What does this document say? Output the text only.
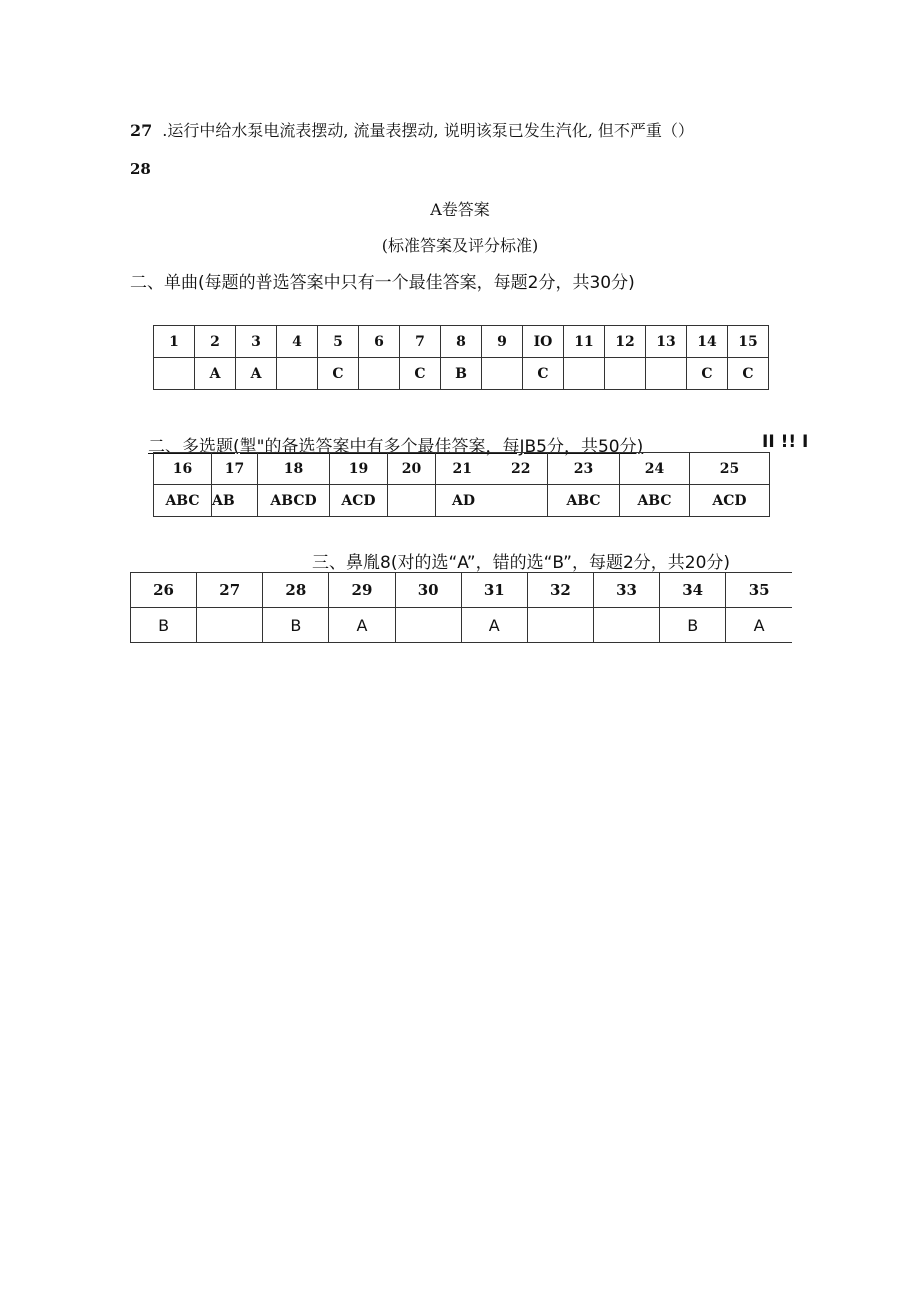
27 .运行中给水泵电流表摆动, 流量表摆动, 说明该泵已发生汽化, 但不严重（）
28
A卷答案
(标准答案及评分标准)
二、单曲(每题的普选答案中只有一个最佳答案，每题2分，共30分)
1	2	3	4	5	6	7	8	9	IO	11	12	13	14	15
	A	A		C		C	B		C				C	C
二、多选题(掣"的备选答案中有多个最佳答案，每JB5分，共50分)	II !! I
16	17	18	19	20	21        22	23	24	25
ABC	AB	ABCD	ACD		AD	ABC	ABC	ACD
三、鼻胤8(对的选“A”，错的选“B”，每题2分，共20分)
26	27	28	29	30	31	32	33	34	35
B		B	A		A			B	A
